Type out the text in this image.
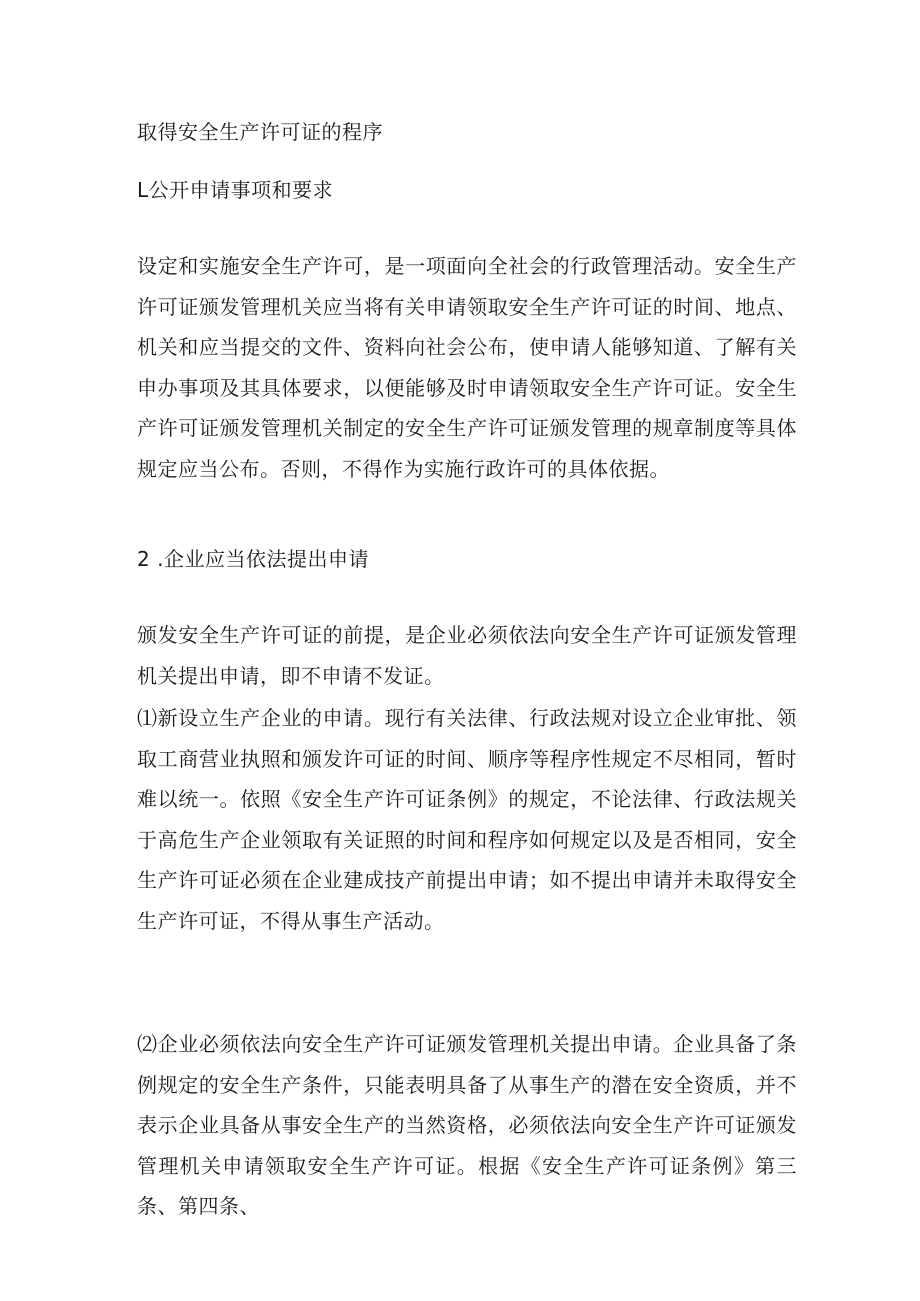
取得安全生产许可证的程序
L公开申请事项和要求

设定和实施安全生产许可，是一项面向全社会的行政管理活动。安全生产许可证颁发管理机关应当将有关申请领取安全生产许可证的时间、地点、机关和应当提交的文件、资料向社会公布，使申请人能够知道、了解有关申办事项及其具体要求，以便能够及时申请领取安全生产许可证。安全生产许可证颁发管理机关制定的安全生产许可证颁发管理的规章制度等具体规定应当公布。否则，不得作为实施行政许可的具体依据。

2 .企业应当依法提出申请

颁发安全生产许可证的前提，是企业必须依法向安全生产许可证颁发管理机关提出申请，即不申请不发证。

⑴新设立生产企业的申请。现行有关法律、行政法规对设立企业审批、领取工商营业执照和颁发许可证的时间、顺序等程序性规定不尽相同，暂时难以统一。依照《安全生产许可证条例》的规定，不论法律、行政法规关于高危生产企业领取有关证照的时间和程序如何规定以及是否相同，安全生产许可证必须在企业建成技产前提出申请；如不提出申请并未取得安全生产许可证，不得从事生产活动。

⑵企业必须依法向安全生产许可证颁发管理机关提出申请。企业具备了条例规定的安全生产条件，只能表明具备了从事生产的潜在安全资质，并不表示企业具备从事安全生产的当然资格，必须依法向安全生产许可证颁发管理机关申请领取安全生产许可证。根据《安全生产许可证条例》第三条、第四条、
